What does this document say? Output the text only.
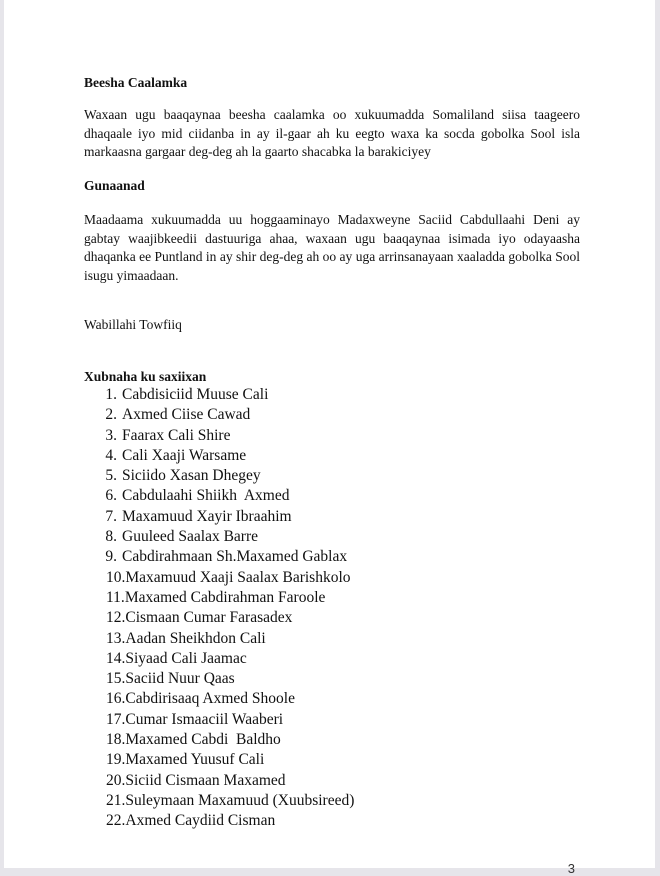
Beesha Caalamka
Waxaan ugu baaqaynaa beesha caalamka oo xukuumadda Somaliland siisa taageero dhaqaale iyo mid ciidanba in ay il-gaar ah ku eegto waxa ka socda gobolka Sool isla markaasna gargaar deg-deg ah la gaarto shacabka la barakiciyey
Gunaanad
Maadaama xukuumadda uu hoggaaminayo Madaxweyne Saciid Cabdullaahi Deni ay gabtay waajibkeedii dastuuriga ahaa, waxaan ugu baaqaynaa isimada iyo odayaasha dhaqanka ee Puntland in ay shir deg-deg ah oo ay uga arrinsanayaan xaaladda gobolka Sool isugu yimaadaan.
Wabillahi Towfiiq
Xubnaha ku saxiixan
1. Cabdisiciid Muuse Cali
2. Axmed Ciise Cawad
3. Faarax Cali Shire
4. Cali Xaaji Warsame
5. Siciido Xasan Dhegey
6. Cabdulaahi Shiikh  Axmed
7. Maxamuud Xayir Ibraahim
8. Guuleed Saalax Barre
9. Cabdirahmaan Sh.Maxamed Gablax
10. Maxamuud Xaaji Saalax Barishkolo
11. Maxamed Cabdirahman Faroole
12. Cismaan Cumar Farasadex
13. Aadan Sheikhdon Cali
14. Siyaad Cali Jaamac
15. Saciid Nuur Qaas
16. Cabdirisaaq Axmed Shoole
17. Cumar Ismaaciil Waaberi
18. Maxamed Cabdi  Baldho
19. Maxamed Yuusuf Cali
20. Siciid Cismaan Maxamed
21. Suleymaan Maxamuud (Xuubsireed)
22. Axmed Caydiid Cisman
3
